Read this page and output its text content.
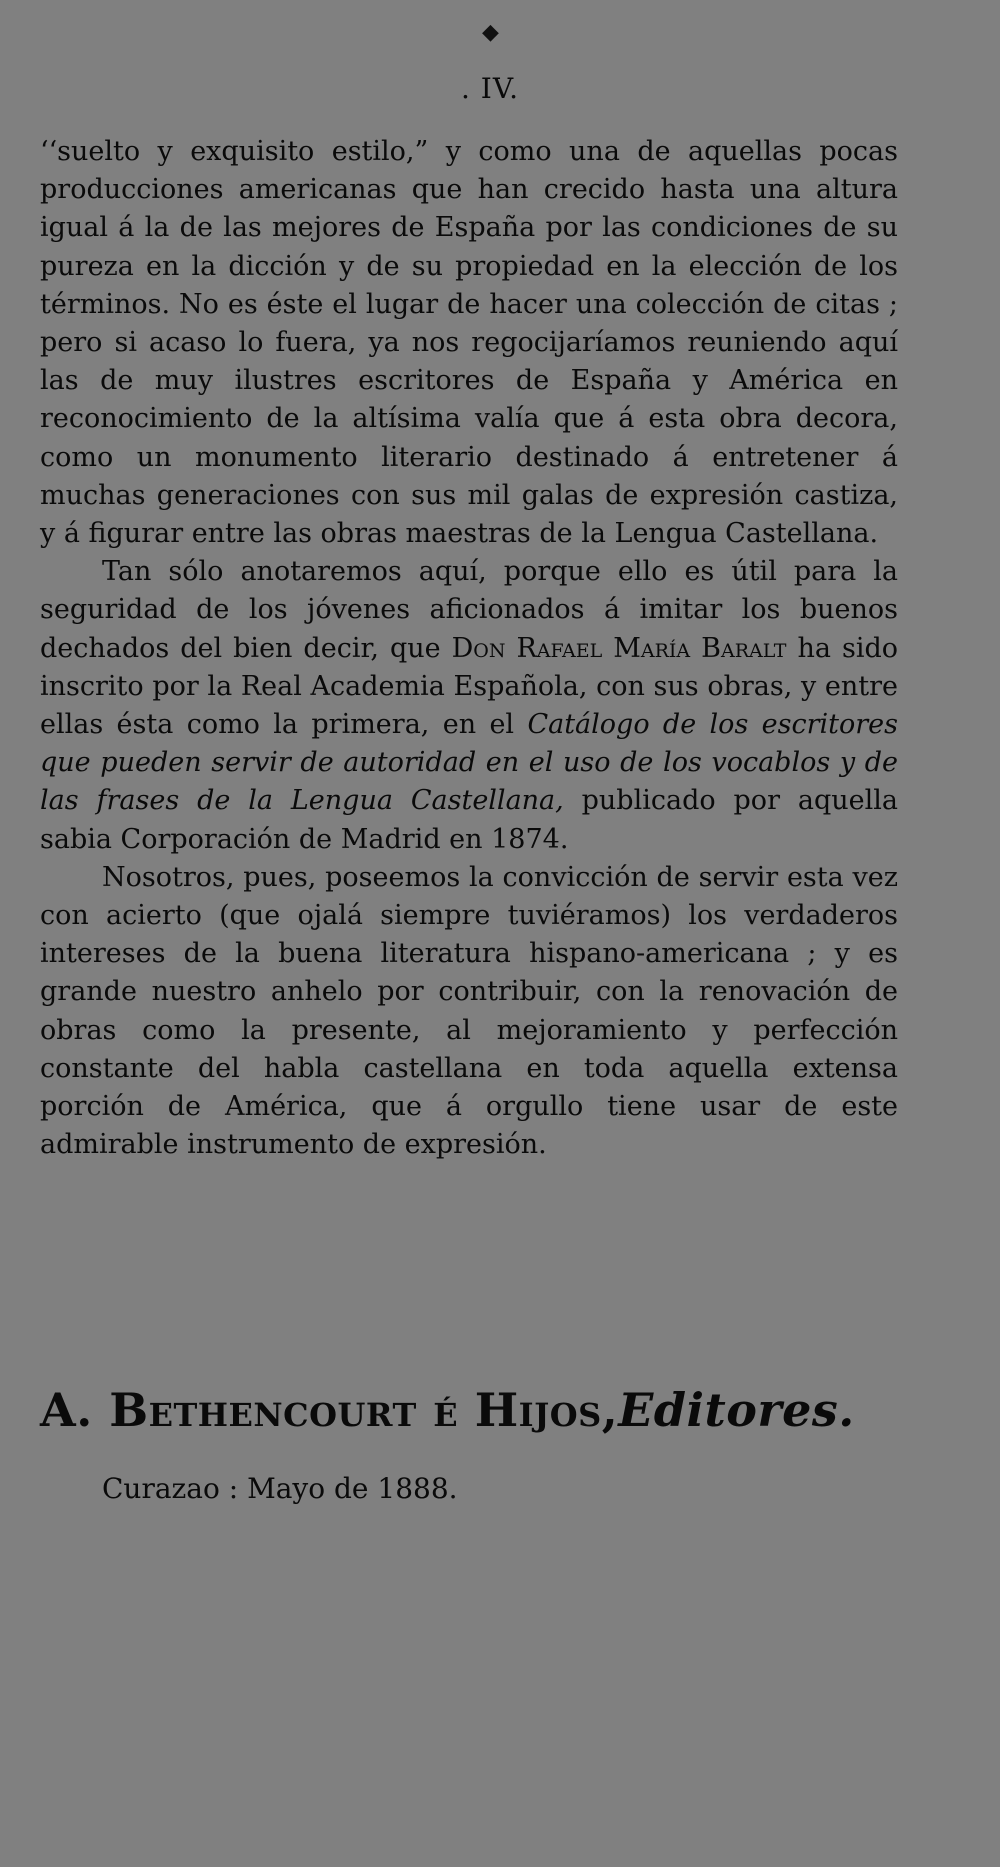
◆
. IV.

‘‘suelto y exquisito estilo,” y como una de aquellas pocas producciones americanas que han crecido hasta una altura igual á la de las mejores de España por las condiciones de su pureza en la dicción y de su propiedad en la elección de los términos. No es éste el lugar de hacer una colección de citas ; pero si acaso lo fuera, ya nos regocijaríamos reuniendo aquí las de muy ilustres escritores de España y América en reconocimiento de la altísima valía que á esta obra decora, como un monumento literario destinado á entretener á muchas generaciones con sus mil galas de expresión castiza, y á figurar entre las obras maestras de la Lengua Castellana.

Tan sólo anotaremos aquí, porque ello es útil para la seguridad de los jóvenes aficionados á imitar los buenos dechados del bien decir, que Don Rafael María Baralt ha sido inscrito por la Real Academia Española, con sus obras, y entre ellas ésta como la primera, en el Catálogo de los escritores que pueden servir de autoridad en el uso de los vocablos y de las frases de la Lengua Castellana, publicado por aquella sabia Corporación de Madrid en 1874.

Nosotros, pues, poseemos la convicción de servir esta vez con acierto (que ojalá siempre tuviéramos) los verdaderos intereses de la buena literatura hispano-americana ; y es grande nuestro anhelo por contribuir, con la renovación de obras como la presente, al mejoramiento y perfección constante del habla castellana en toda aquella extensa porción de América, que á orgullo tiene usar de este admirable instrumento de expresión.

A. Bethencourt é Hijos,Editores.
Curazao : Mayo de 1888.
